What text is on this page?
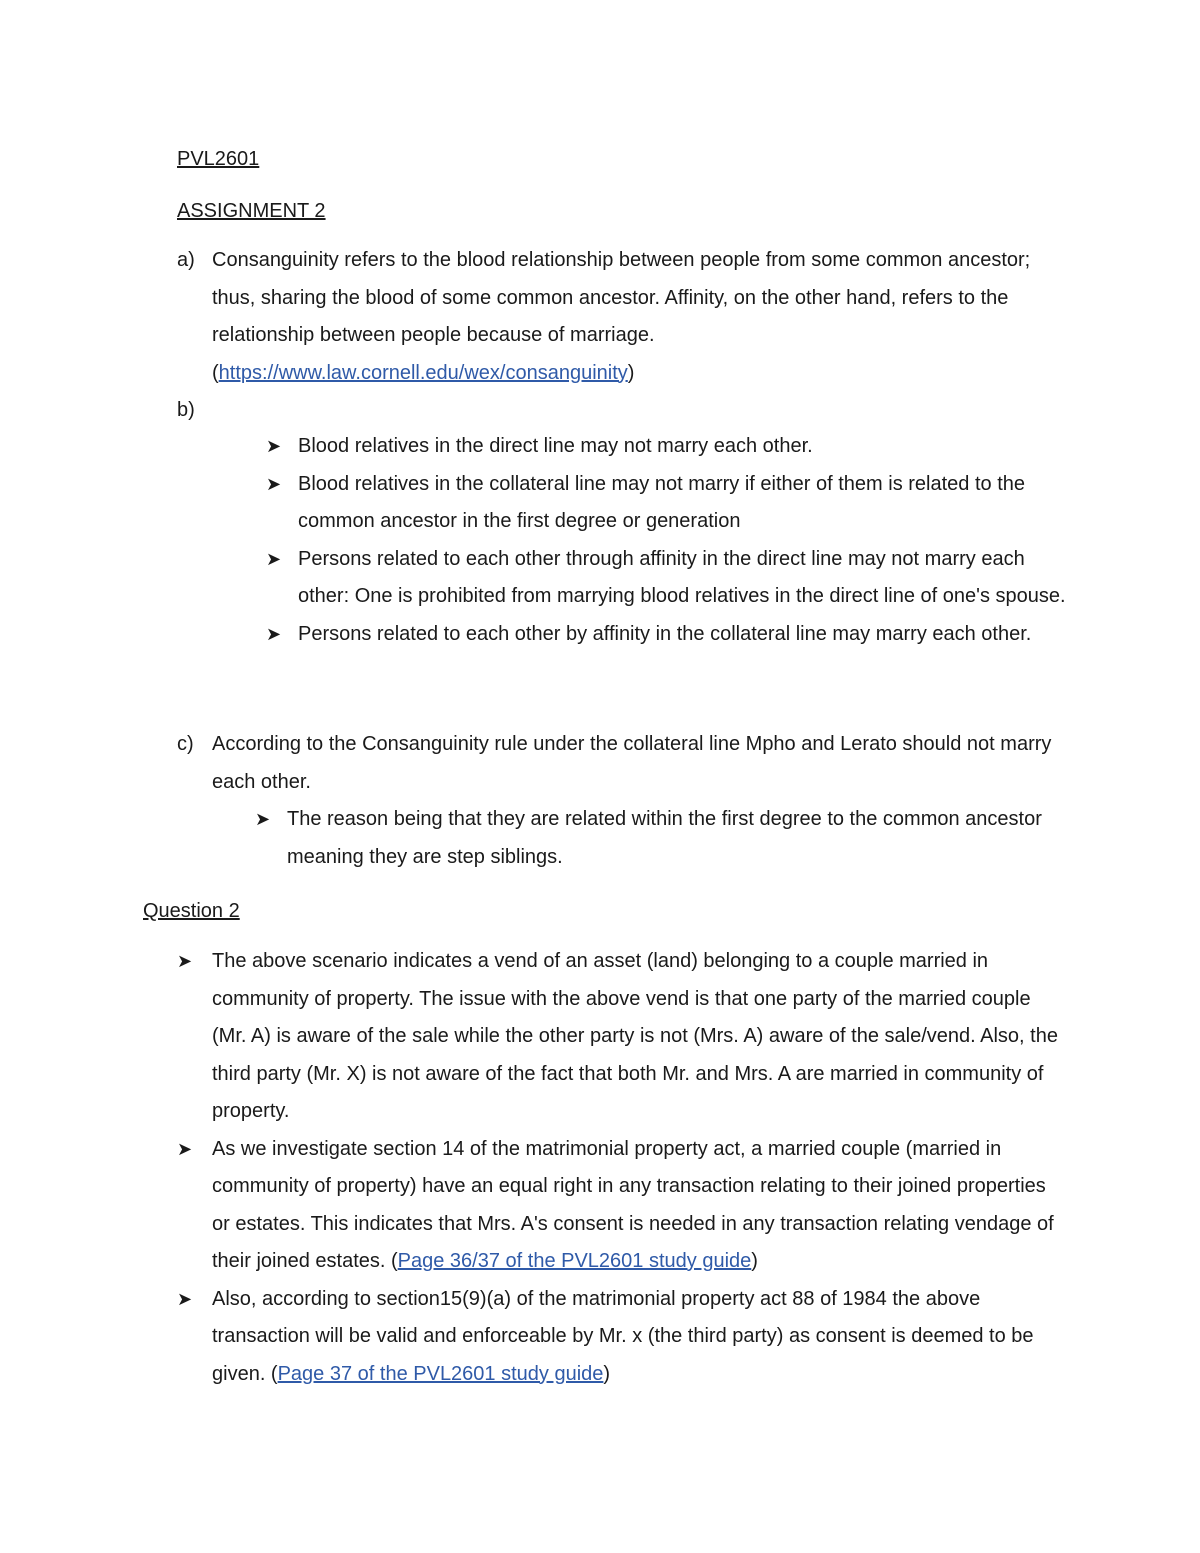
PVL2601
ASSIGNMENT 2
a) Consanguinity refers to the blood relationship between people from some common ancestor; thus, sharing the blood of some common ancestor. Affinity, on the other hand, refers to the relationship between people because of marriage.
(https://www.law.cornell.edu/wex/consanguinity)
b)
➤ Blood relatives in the direct line may not marry each other.
➤ Blood relatives in the collateral line may not marry if either of them is related to the common ancestor in the first degree or generation
➤ Persons related to each other through affinity in the direct line may not marry each other: One is prohibited from marrying blood relatives in the direct line of one's spouse.
➤ Persons related to each other by affinity in the collateral line may marry each other.
c) According to the Consanguinity rule under the collateral line Mpho and Lerato should not marry each other.
➤ The reason being that they are related within the first degree to the common ancestor meaning they are step siblings.
Question 2
➤ The above scenario indicates a vend of an asset (land) belonging to a couple married in community of property. The issue with the above vend is that one party of the married couple (Mr. A) is aware of the sale while the other party is not (Mrs. A) aware of the sale/vend. Also, the third party (Mr. X) is not aware of the fact that both Mr. and Mrs. A are married in community of property.
➤ As we investigate section 14 of the matrimonial property act, a married couple (married in community of property) have an equal right in any transaction relating to their joined properties or estates. This indicates that Mrs. A's consent is needed in any transaction relating vendage of their joined estates. (Page 36/37 of the PVL2601 study guide)
➤ Also, according to section15(9)(a) of the matrimonial property act 88 of 1984 the above transaction will be valid and enforceable by Mr. x (the third party) as consent is deemed to be given. (Page 37 of the PVL2601 study guide)
